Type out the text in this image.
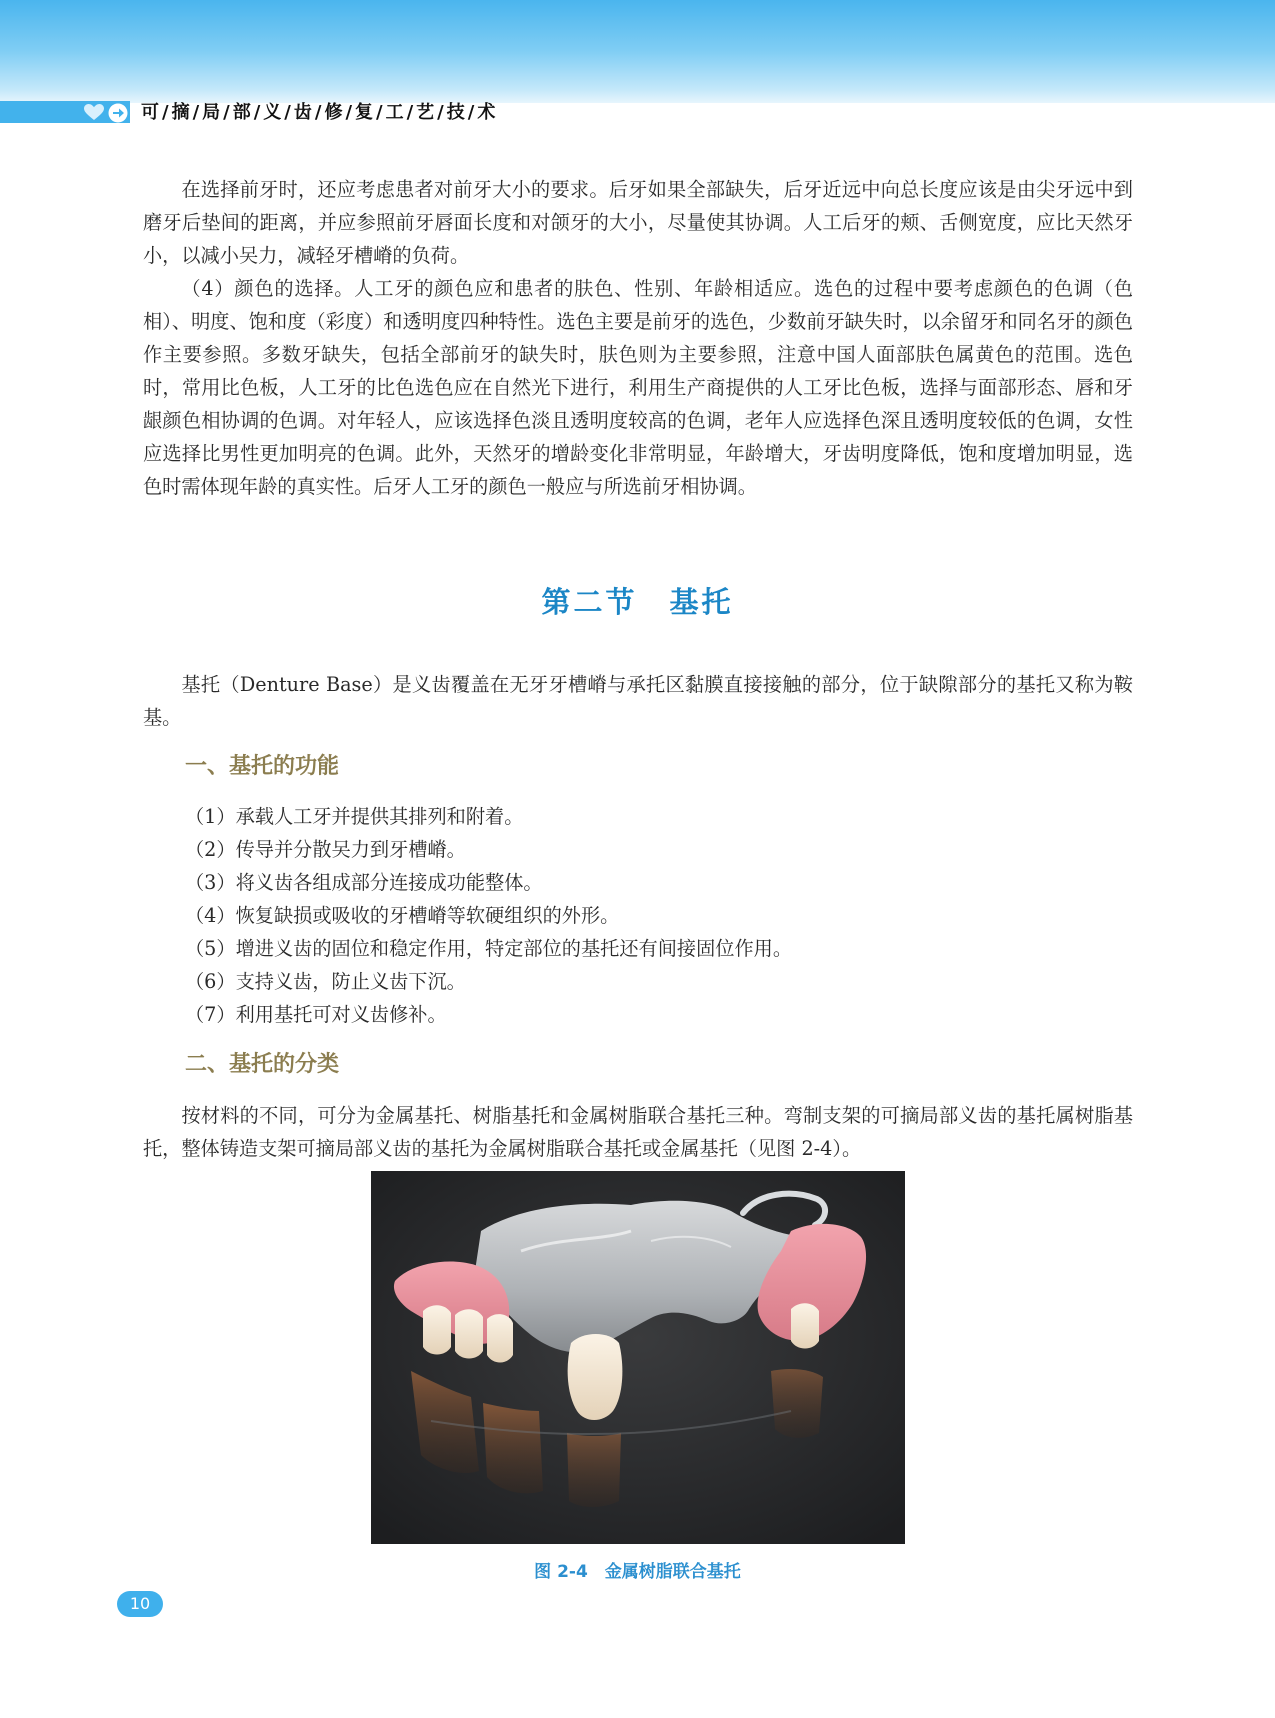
可/摘/局/部/义/齿/修/复/工/艺/技/术

在选择前牙时，还应考虑患者对前牙大小的要求。后牙如果全部缺失，后牙近远中向总长度应该是由尖牙远中到磨牙后垫间的距离，并应参照前牙唇面长度和对颌牙的大小，尽量使其协调。人工后牙的颊、舌侧宽度，应比天然牙小，以减小㕦力，减轻牙槽嵴的负荷。

（4）颜色的选择。人工牙的颜色应和患者的肤色、性别、年龄相适应。选色的过程中要考虑颜色的色调（色相）、明度、饱和度（彩度）和透明度四种特性。选色主要是前牙的选色，少数前牙缺失时，以余留牙和同名牙的颜色作主要参照。多数牙缺失，包括全部前牙的缺失时，肤色则为主要参照，注意中国人面部肤色属黄色的范围。选色时，常用比色板，人工牙的比色选色应在自然光下进行，利用生产商提供的人工牙比色板，选择与面部形态、唇和牙龈颜色相协调的色调。对年轻人，应该选择色淡且透明度较高的色调，老年人应选择色深且透明度较低的色调，女性应选择比男性更加明亮的色调。此外，天然牙的增龄变化非常明显，年龄增大，牙齿明度降低，饱和度增加明显，选色时需体现年龄的真实性。后牙人工牙的颜色一般应与所选前牙相协调。

第二节　基托

基托（Denture Base）是义齿覆盖在无牙牙槽嵴与承托区黏膜直接接触的部分，位于缺隙部分的基托又称为鞍基。

一、基托的功能
（1）承载人工牙并提供其排列和附着。
（2）传导并分散㕦力到牙槽嵴。
（3）将义齿各组成部分连接成功能整体。
（4）恢复缺损或吸收的牙槽嵴等软硬组织的外形。
（5）增进义齿的固位和稳定作用，特定部位的基托还有间接固位作用。
（6）支持义齿，防止义齿下沉。
（7）利用基托可对义齿修补。
二、基托的分类

按材料的不同，可分为金属基托、树脂基托和金属树脂联合基托三种。弯制支架的可摘局部义齿的基托属树脂基托，整体铸造支架可摘局部义齿的基托为金属树脂联合基托或金属基托（见图 2-4）。

图 2-4　金属树脂联合基托
10
